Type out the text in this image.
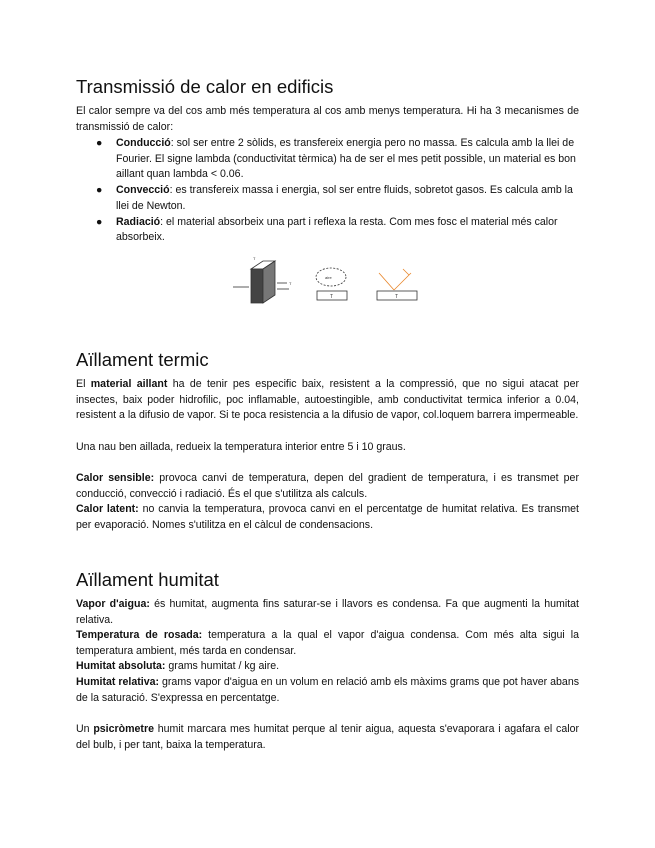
Transmissió de calor en edificis

El calor sempre va del cos amb més temperatura al cos amb menys temperatura. Hi ha 3 mecanismes de transmissió de calor:

● Conducció: sol ser entre 2 sòlids, es transfereix energia pero no massa. Es calcula amb la llei de Fourier. El signe lambda (conductivitat tèrmica) ha de ser el mes petit possible, un material es bon aillant quan lambda < 0.06.
● Convecció: es transfereix massa i energia, sol ser entre fluids, sobretot gasos. Es calcula amb la llei de Newton.
● Radiació: el material absorbeix una part i reflexa la resta. Com mes fosc el material més calor absorbeix.
T
T
aire
T	T
Aïllament termic

El material aillant ha de tenir pes especific baix, resistent a la compressió, que no sigui atacat per insectes, baix poder hidrofilic, poc inflamable, autoestingible, amb conductivitat termica inferior a 0.04, resistent a la difusio de vapor. Si te poca resistencia a la difusio de vapor, col.loquem barrera impermeable.

Una nau ben aillada, redueix la temperatura interior entre 5 i 10 graus.

Calor sensible: provoca canvi de temperatura, depen del gradient de temperatura, i es transmet per conducció, convecció i radiació. És el que s'utilitza als calculs.

Calor latent: no canvia la temperatura, provoca canvi en el percentatge de humitat relativa. Es transmet per evaporació. Nomes s'utilitza en el càlcul de condensacions.

Aïllament humitat

Vapor d'aigua: és humitat, augmenta fins saturar-se i llavors es condensa. Fa que augmenti la humitat relativa.

Temperatura de rosada: temperatura a la qual el vapor d'aigua condensa. Com més alta sigui la temperatura ambient, més tarda en condensar.

Humitat absoluta: grams humitat / kg aire.

Humitat relativa: grams vapor d'aigua en un volum en relació amb els màxims grams que pot haver abans de la saturació. S'expressa en percentatge.

Un psicròmetre humit marcara mes humitat perque al tenir aigua, aquesta s'evaporara i agafara el calor del bulb, i per tant, baixa la temperatura.
